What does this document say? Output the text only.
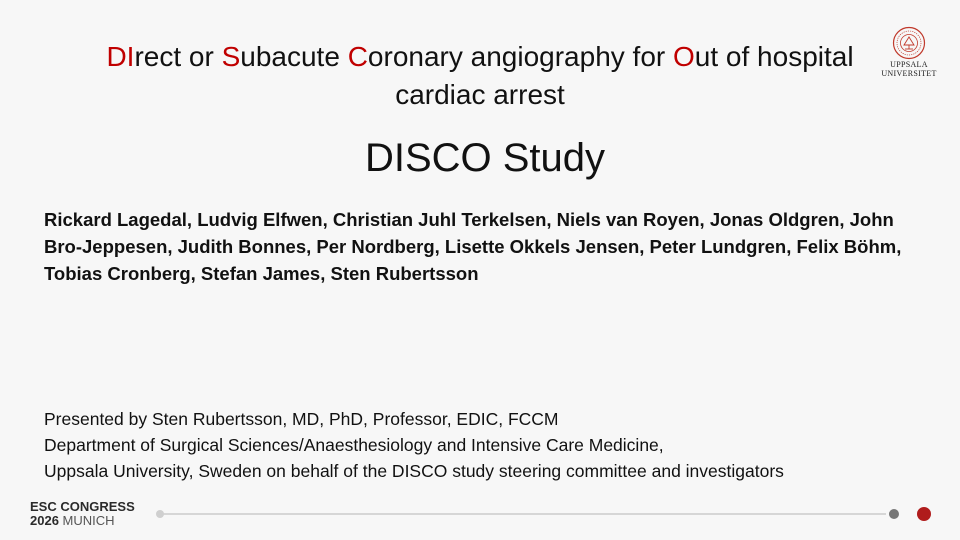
DIrect or Subacute Coronary angiography for Out of hospital cardiac arrest
DISCO Study
Rickard Lagedal, Ludvig Elfwen, Christian Juhl Terkelsen, Niels van Royen, Jonas Oldgren, John Bro-Jeppesen, Judith Bonnes, Per Nordberg, Lisette Okkels Jensen, Peter Lundgren, Felix Böhm, Tobias Cronberg, Stefan James, Sten Rubertsson
Presented by Sten Rubertsson, MD, PhD, Professor, EDIC, FCCM
Department of Surgical Sciences/Anaesthesiology and Intensive Care Medicine,
Uppsala University, Sweden on behalf of the DISCO study steering committee and investigators
UPPSALA
UNIVERSITET
ESC CONGRESS
2026 MUNICH
